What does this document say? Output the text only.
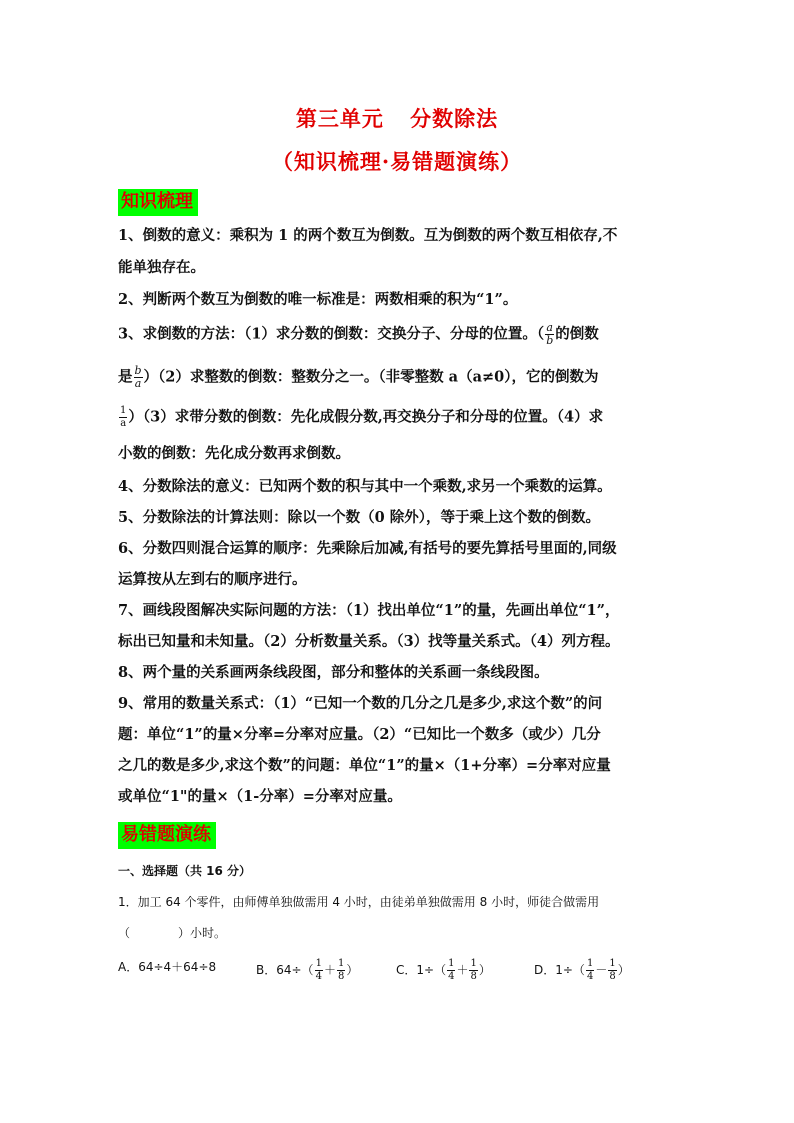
第三单元 分数除法
（知识梳理·易错题演练）
知识梳理
1、倒数的意义：乘积为 1 的两个数互为倒数。互为倒数的两个数互相依存,不
能单独存在。
2、判断两个数互为倒数的唯一标准是：两数相乘的积为“1”。
3、求倒数的方法：（1）求分数的倒数：交换分子、分母的位置。（ $\frac{a}{b}$ 的倒数
是 $\frac{b}{a} )(2)$求整数的倒数：整数分之一。（非零整数 a（a≠0），它的倒数为
$\frac{1}{a} )(3)$求带分数的倒数：先化成假分数,再交换分子和分母的位置。（4）求
小数的倒数：先化成分数再求倒数。
4、分数除法的意义：已知两个数的积与其中一个乘数,求另一个乘数的运算。
5、分数除法的计算法则：除以一个数（0 除外），等于乘上这个数的倒数。
6、分数四则混合运算的顺序：先乘除后加减,有括号的要先算括号里面的,同级
运算按从左到右的顺序进行。
7、画线段图解决实际问题的方法：（1）找出单位“1”的量，先画出单位“1”，
标出已知量和未知量。（2）分析数量关系。（3）找等量关系式。（4）列方程。
8、两个量的关系画两条线段图，部分和整体的关系画一条线段图。
9、常用的数量关系式：（1）“已知一个数的几分之几是多少,求这个数”的问
题：单位“1”的量×分率=分率对应量。（2）“已知比一个数多（或少）几分
之几的数是多少,求这个数”的问题：单位“1”的量×（1+分率）=分率对应量
或单位“1"的量×（1-分率）=分率对应量。
易错题演练
一、选择题（共 16 分）
1．加工 64 个零件，由师傅单独做需用 4 小时，由徒弟单独做需用 8 小时，师徒合做需用
（　　　　）小时。
A．64÷4＋64÷8	B．$64\div( \frac{1}{4} + \frac{1}{8}$ ）	C．$1\div( \frac{1}{4} + \frac{1}{8}$ ）	D．$1\div( \frac{1}{4} - \frac{1}{8}$ ）
